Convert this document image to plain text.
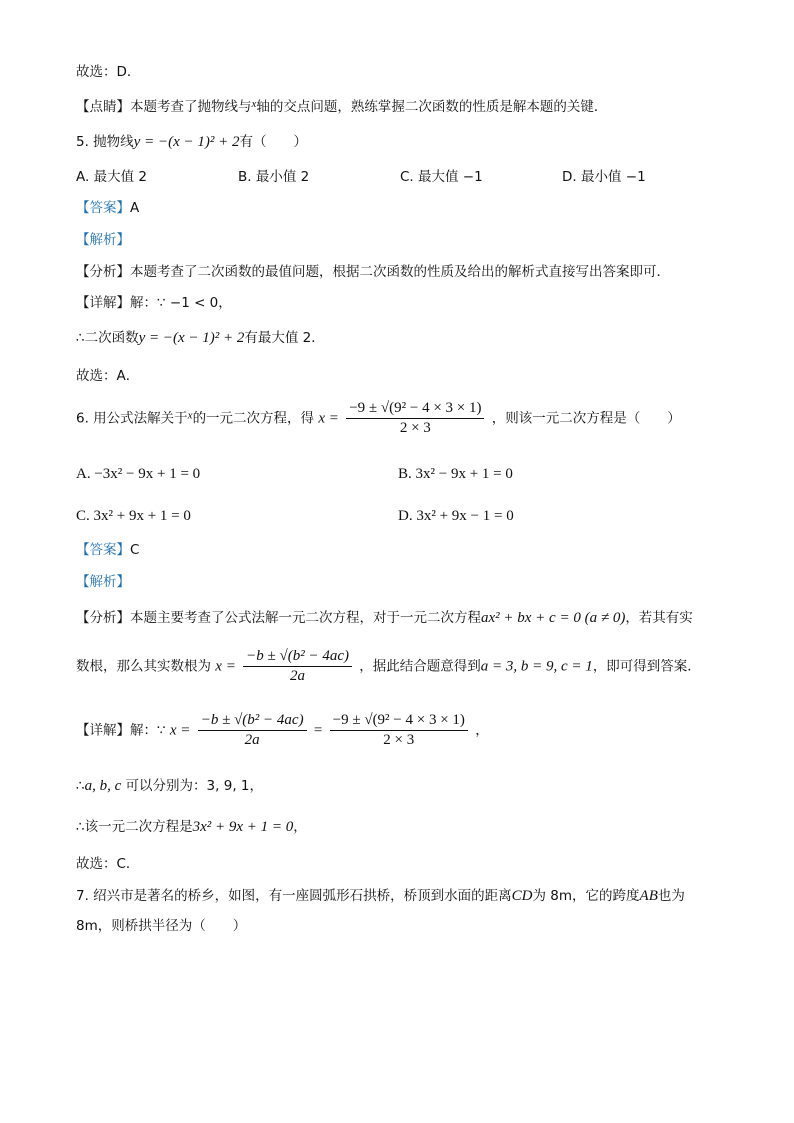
故选：D．
【点睛】本题考查了抛物线与$^x$轴的交点问题，熟练掌握二次函数的性质是解本题的关键．
5. 抛物线y = −(x − 1)² + 2有（　　）
A. 最大值 2	B. 最小值 2	C. 最大值 −1	D. 最小值 −1
【答案】A
【解析】
【分析】本题考查了二次函数的最值问题，根据二次函数的性质及给出的解析式直接写出答案即可．
【详解】解：∵ −1 < 0，
∴二次函数y = −(x − 1)² + 2有最大值 2．
故选：A．
6. 用公式法解关于$^x$的一元二次方程，得 $x = \frac{\text{−9 ± √(9² − 4 × 3 × 1)}}{2 \times 3}$ ，则该一元二次方程是（　　）
A. −3x² − 9x + 1 = 0	B. 3x² − 9x + 1 = 0
C. 3x² + 9x + 1 = 0	D. 3x² + 9x − 1 = 0
【答案】C
【解析】
【分析】本题主要考查了公式法解一元二次方程，对于一元二次方程ax² + bx + c = 0 (a ≠ 0)，若其有实
数根，那么其实数根为 $x = \frac{\text{−b ± √(b² − 4ac)}}{2a}$ ，据此结合题意得到a = 3, b = 9, c = 1，即可得到答案．
【详解】解：∵ $x = \frac{\text{−b ± √(b² − 4ac)}}{2a} = \frac{\text{−9 ± √(9² − 4 × 3 × 1)}}{2 \times 3}$ ，
∴a, b, c 可以分别为：3, 9, 1，
∴该一元二次方程是3x² + 9x + 1 = 0，
故选：C．
7. 绍兴市是著名的桥乡，如图，有一座圆弧形石拱桥，桥顶到水面的距离CD为 8m，它的跨度AB也为
8m，则桥拱半径为（　　）
